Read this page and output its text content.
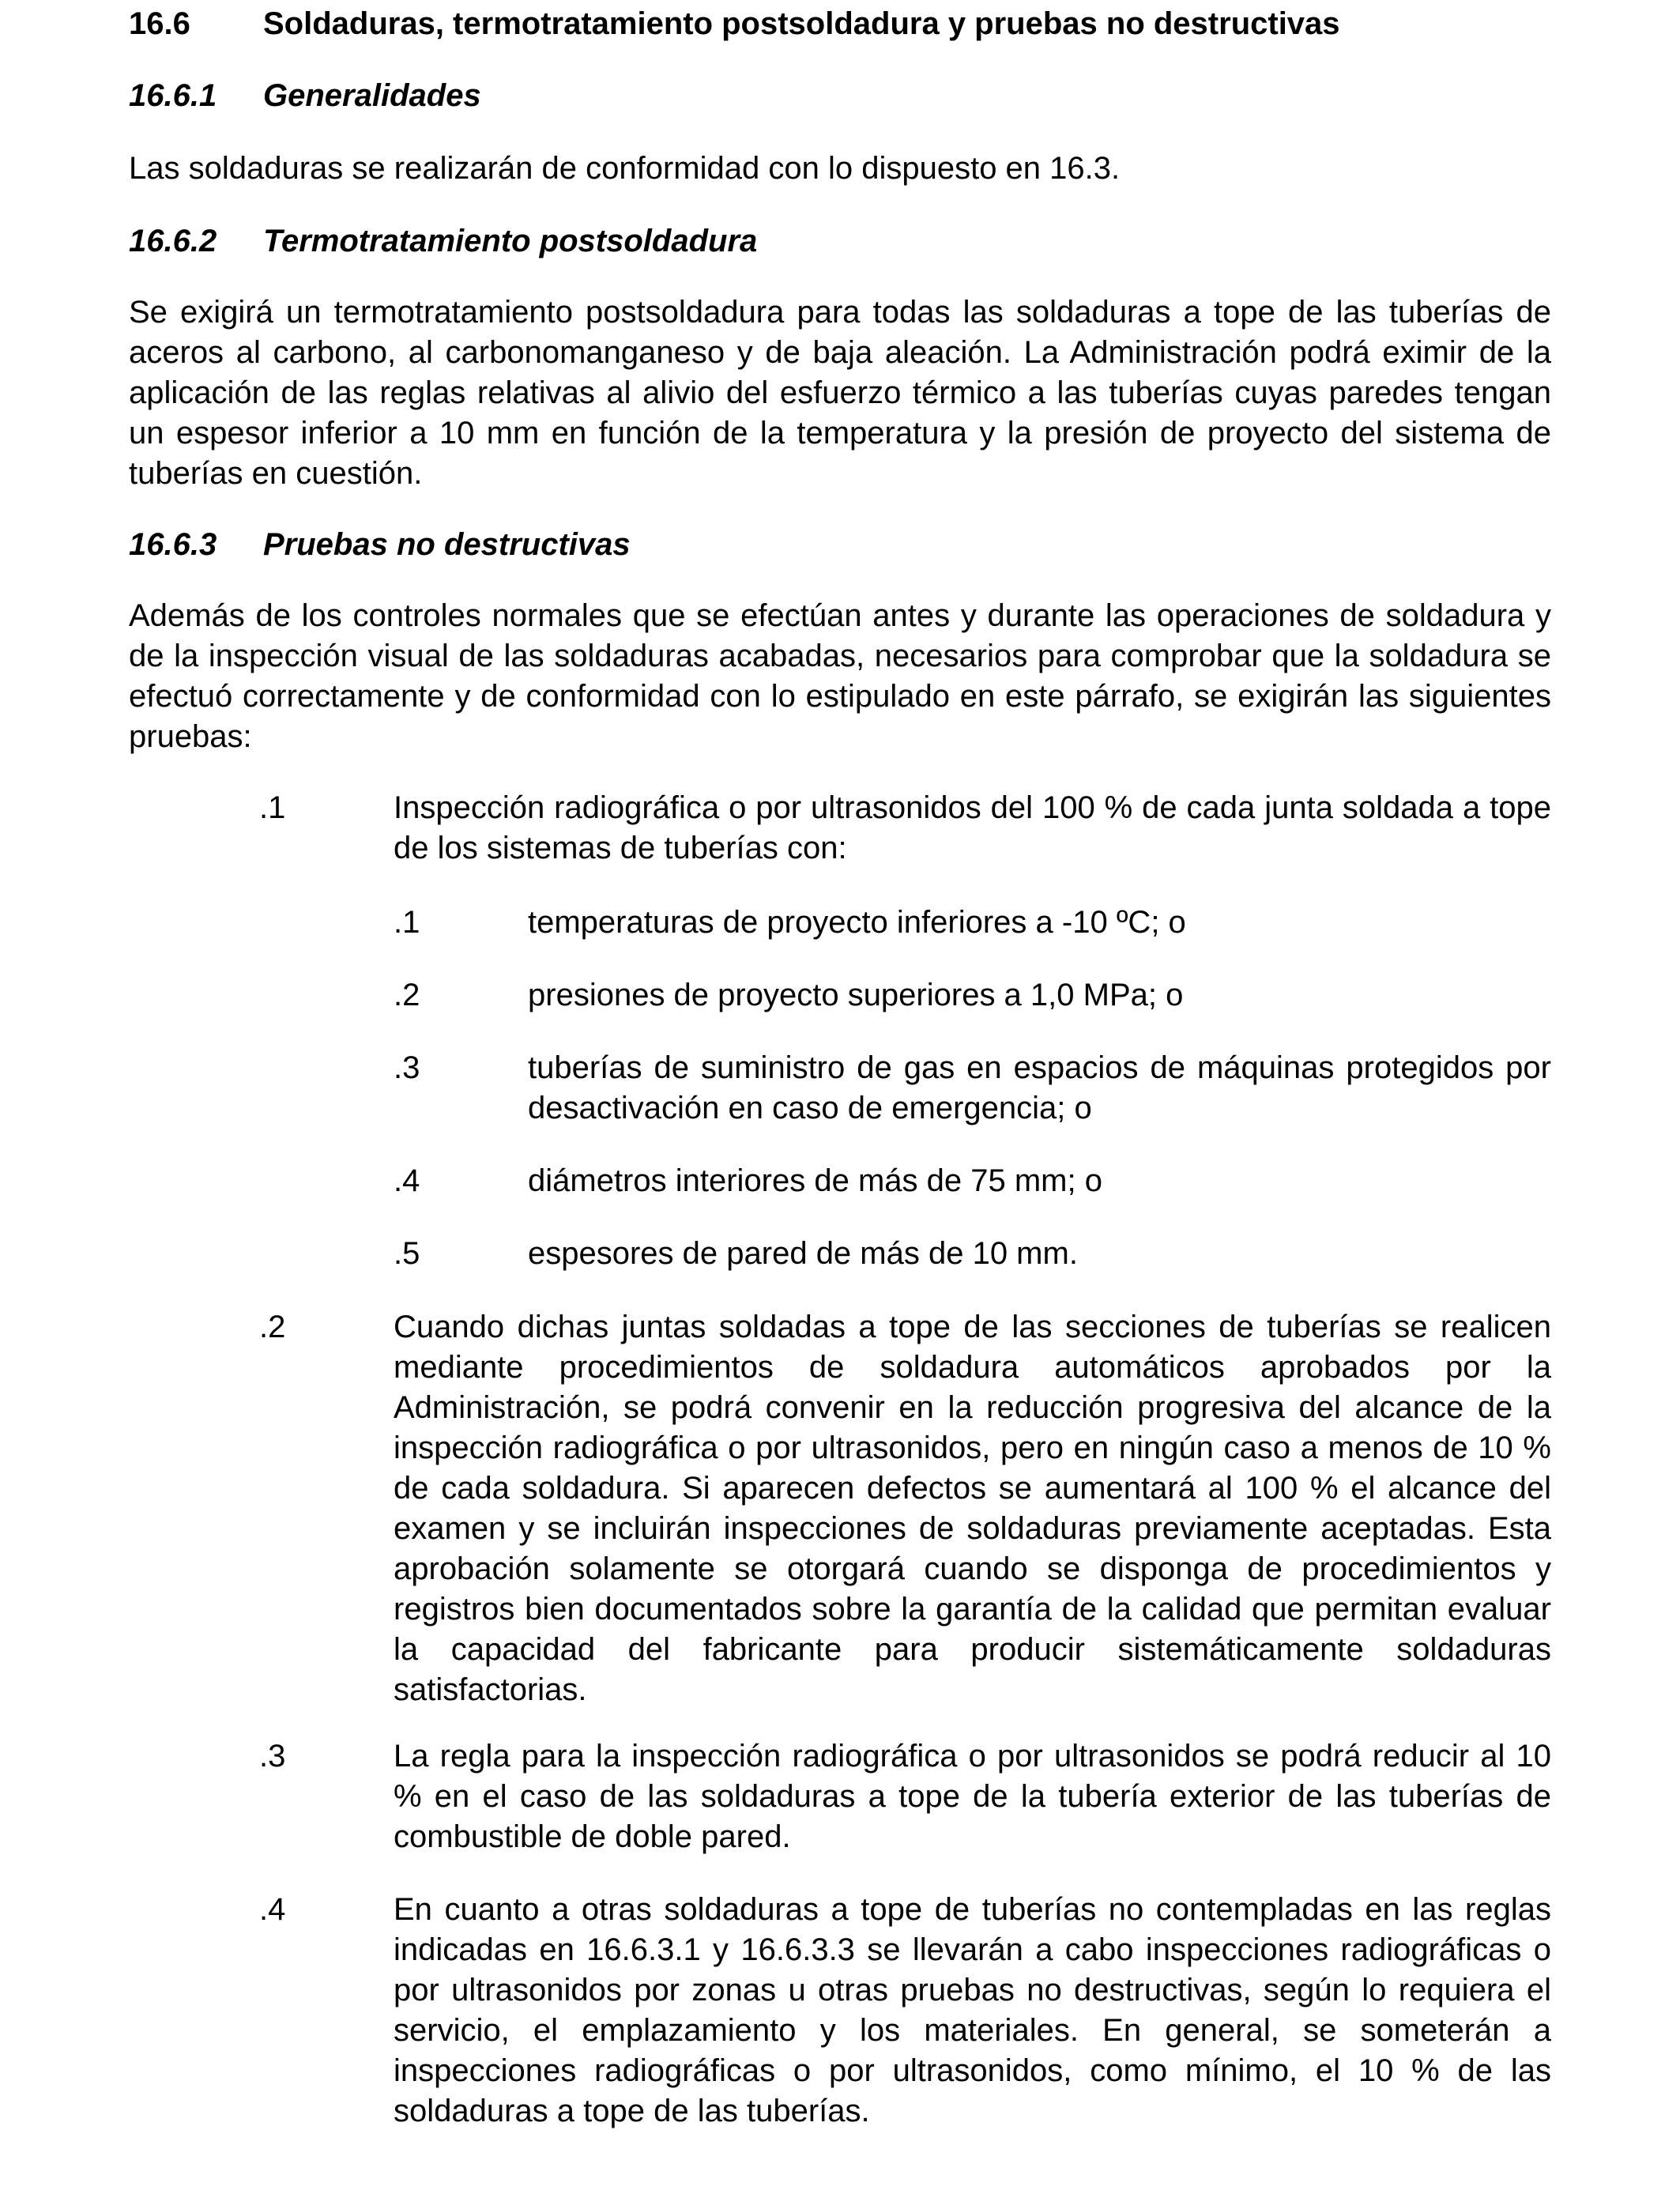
16.6 Soldaduras, termotratamiento postsoldadura y pruebas no destructivas
16.6.1 Generalidades
Las soldaduras se realizarán de conformidad con lo dispuesto en 16.3.
16.6.2 Termotratamiento postsoldadura
Se exigirá un termotratamiento postsoldadura para todas las soldaduras a tope de las tuberías de aceros al carbono, al carbonomanganeso y de baja aleación. La Administración podrá eximir de la aplicación de las reglas relativas al alivio del esfuerzo térmico a las tuberías cuyas paredes tengan un espesor inferior a 10 mm en función de la temperatura y la presión de proyecto del sistema de tuberías en cuestión.
16.6.3 Pruebas no destructivas
Además de los controles normales que se efectúan antes y durante las operaciones de soldadura y de la inspección visual de las soldaduras acabadas, necesarios para comprobar que la soldadura se efectuó correctamente y de conformidad con lo estipulado en este párrafo, se exigirán las siguientes pruebas:
.1	Inspección radiográfica o por ultrasonidos del 100 % de cada junta soldada a tope de los sistemas de tuberías con:
.1	temperaturas de proyecto inferiores a -10 ºC; o
.2	presiones de proyecto superiores a 1,0 MPa; o
.3	tuberías de suministro de gas en espacios de máquinas protegidos por desactivación en caso de emergencia; o
.4	diámetros interiores de más de 75 mm; o
.5	espesores de pared de más de 10 mm.
.2	Cuando dichas juntas soldadas a tope de las secciones de tuberías se realicen mediante procedimientos de soldadura automáticos aprobados por la Administración, se podrá convenir en la reducción progresiva del alcance de la inspección radiográfica o por ultrasonidos, pero en ningún caso a menos de 10 % de cada soldadura. Si aparecen defectos se aumentará al 100 % el alcance del examen y se incluirán inspecciones de soldaduras previamente aceptadas. Esta aprobación solamente se otorgará cuando se disponga de procedimientos y registros bien documentados sobre la garantía de la calidad que permitan evaluar la capacidad del fabricante para producir sistemáticamente soldaduras satisfactorias.
.3	La regla para la inspección radiográfica o por ultrasonidos se podrá reducir al 10 % en el caso de las soldaduras a tope de la tubería exterior de las tuberías de combustible de doble pared.
.4	En cuanto a otras soldaduras a tope de tuberías no contempladas en las reglas indicadas en 16.6.3.1 y 16.6.3.3 se llevarán a cabo inspecciones radiográficas o por ultrasonidos por zonas u otras pruebas no destructivas, según lo requiera el servicio, el emplazamiento y los materiales. En general, se someterán a inspecciones radiográficas o por ultrasonidos, como mínimo, el 10 % de las soldaduras a tope de las tuberías.
